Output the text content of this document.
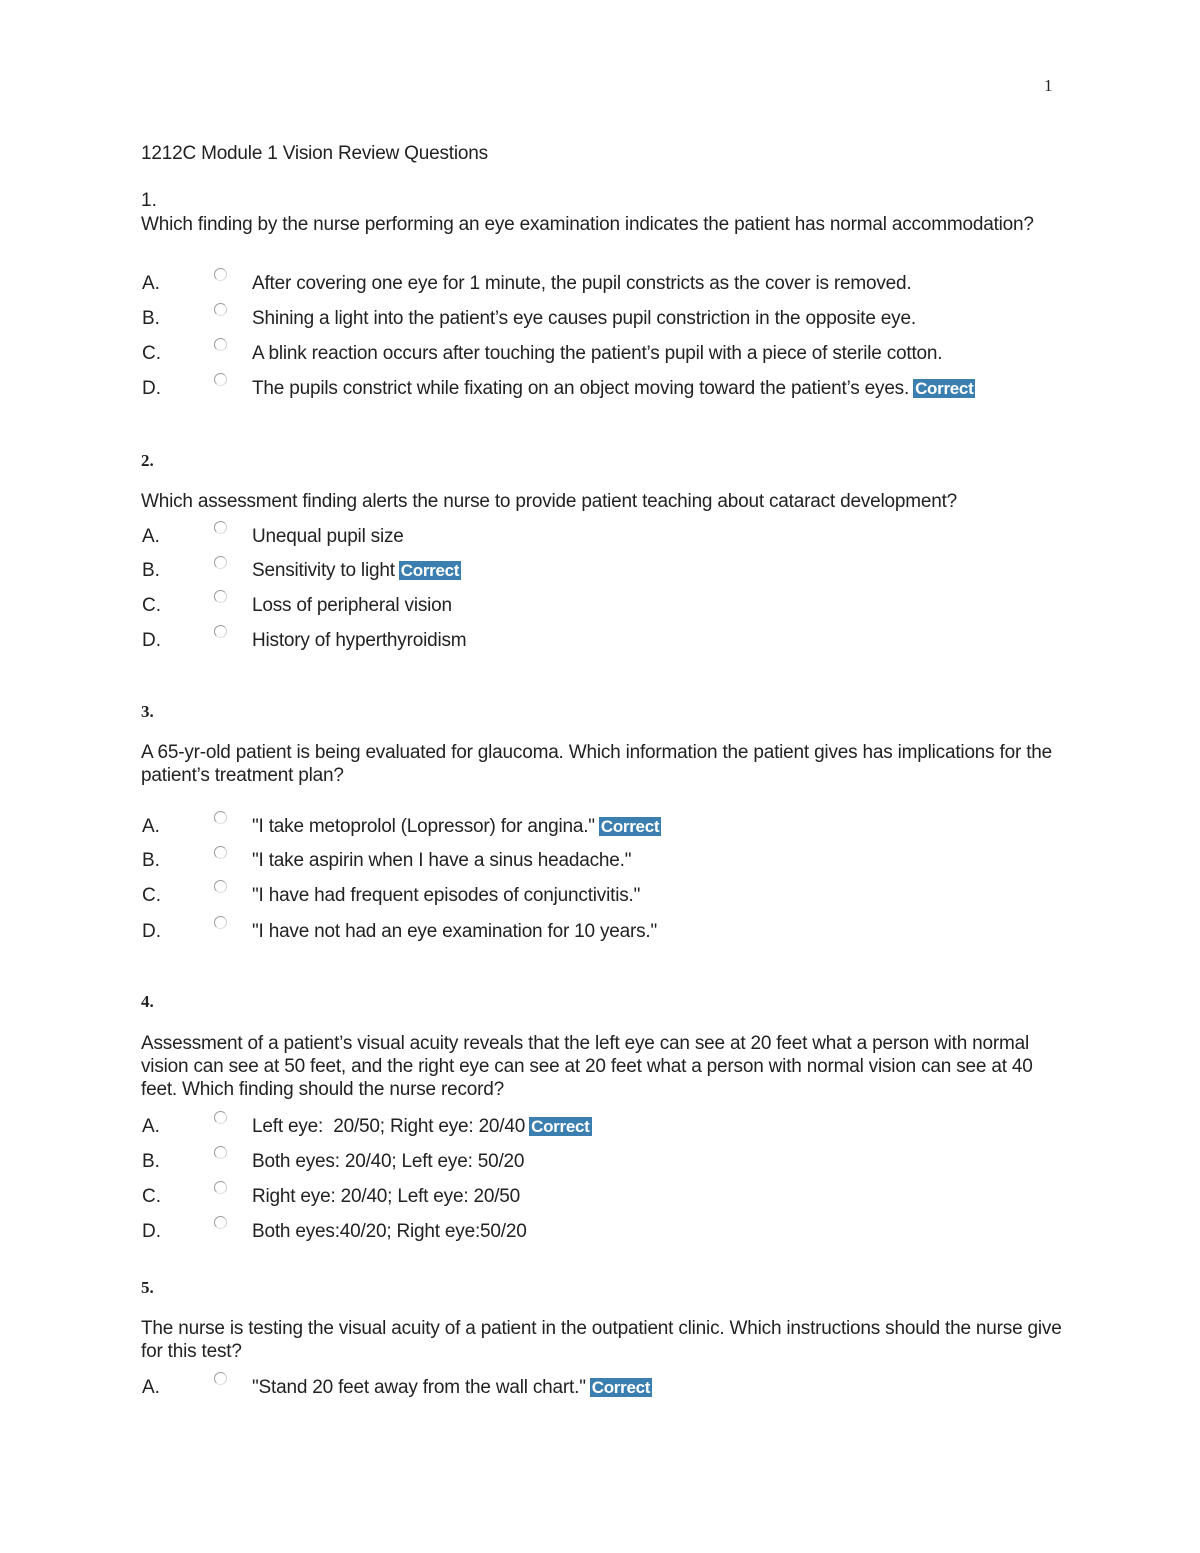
1
1212C Module 1 Vision Review Questions
1.
Which finding by the nurse performing an eye examination indicates the patient has normal accommodation?
A.	After covering one eye for 1 minute, the pupil constricts as the cover is removed.
B.	Shining a light into the patient’s eye causes pupil constriction in the opposite eye.
C.	A blink reaction occurs after touching the patient’s pupil with a piece of sterile cotton.
D.	The pupils constrict while fixating on an object moving toward the patient’s eyes. Correct
2.
Which assessment finding alerts the nurse to provide patient teaching about cataract development?
A.	Unequal pupil size
B.	Sensitivity to light Correct
C.	Loss of peripheral vision
D.	History of hyperthyroidism
3.
A 65-yr-old patient is being evaluated for glaucoma. Which information the patient gives has implications for the patient’s treatment plan?
A.	"I take metoprolol (Lopressor) for angina." Correct
B.	"I take aspirin when I have a sinus headache."
C.	"I have had frequent episodes of conjunctivitis."
D.	"I have not had an eye examination for 10 years."
4.
Assessment of a patient’s visual acuity reveals that the left eye can see at 20 feet what a person with normal vision can see at 50 feet, and the right eye can see at 20 feet what a person with normal vision can see at 40 feet. Which finding should the nurse record?
A.	Left eye:  20/50; Right eye: 20/40 Correct
B.	Both eyes: 20/40; Left eye: 50/20
C.	Right eye: 20/40; Left eye: 20/50
D.	Both eyes:40/20; Right eye:50/20
5.
The nurse is testing the visual acuity of a patient in the outpatient clinic. Which instructions should the nurse give for this test?
A.	"Stand 20 feet away from the wall chart." Correct
